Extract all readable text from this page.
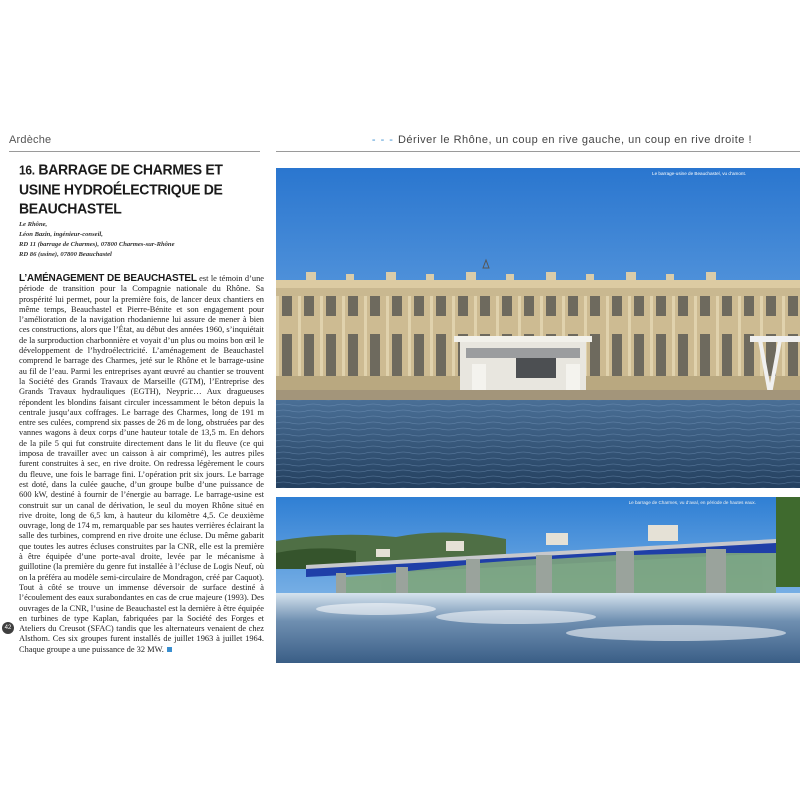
Ardèche	- - - Dériver le Rhône, un coup en rive gauche, un coup en rive droite !
16. BARRAGE DE CHARMES ET USINE HYDROÉLECTRIQUE DE BEAUCHASTEL
Le Rhône,
Léon Bazin, ingénieur-conseil,
RD 11 (barrage de Charmes), 07800 Charmes-sur-Rhône
RD 86 (usine), 07800 Beauchastel
L’AMÉNAGEMENT DE BEAUCHASTEL est le témoin d’une période de transition pour la Compagnie nationale du Rhône. Sa prospérité lui permet, pour la première fois, de lancer deux chantiers en même temps, Beauchastel et Pierre-Bénite et son engagement pour l’amélioration de la navigation rhodanienne lui assure de mener à bien ces constructions, alors que l’État, au début des années 1960, s’inquiétait de la surproduction charbonnière et voyait d’un plus ou moins bon œil le développement de l’hydroélectricité. L’aménagement de Beauchastel comprend le barrage des Charmes, jeté sur le Rhône et le barrage-usine au fil de l’eau. Parmi les entreprises ayant œuvré au chantier se trouvent la Société des Grands Travaux de Marseille (GTM), l’Entreprise des Grands Travaux hydrauliques (EGTH), Neypric… Aux dragueuses répondent les blondins faisant circuler incessamment le béton depuis la centrale jusqu’aux coffrages. Le barrage des Charmes, long de 191 m entre ses culées, comprend six passes de 26 m de long, obstruées par des vannes wagons à deux corps d’une hauteur totale de 13,5 m. En dehors de la pile 5 qui fut construite directement dans le lit du fleuve (ce qui imposa de travailler avec un caisson à air comprimé), les autres piles furent construites à sec, en rive droite. On redressa légèrement le cours du fleuve, une fois le barrage fini. L’opération prit six jours. Le barrage est doté, dans la culée gauche, d’un groupe bulbe d’une puissance de 600 kW, destiné à fournir de l’énergie au barrage. Le barrage-usine est construit sur un canal de dérivation, le seul du moyen Rhône situé en rive droite, long de 6,5 km, à hauteur du kilomètre 4,5. Ce deuxième ouvrage, long de 174 m, remarquable par ses hautes verrières éclairant la salle des turbines, comprend en rive droite une écluse. Du même gabarit que toutes les autres écluses construites par la CNR, elle est la première à être équipée d’une porte-aval droite, levée par le mécanisme à guillotine (la première du genre fut installée à l’écluse de Logis Neuf, où on la préféra au modèle semi-circulaire de Mondragon, créé par Caquot). Tout à côté se trouve un immense déversoir de surface destiné à l’écoulement des eaux surabondantes en cas de crue majeure (1993). Des ouvrages de la CNR, l’usine de Beauchastel est la dernière à être équipée en turbines de type Kaplan, fabriquées par la Société des Forges et Ateliers du Creusot (SFAC) tandis que les alternateurs venaient de chez Alsthom. Ces six groupes furent installés de juillet 1963 à juillet 1964. Chaque groupe a une puissance de 32 MW.
42
Le barrage-usine de Beauchastel, vu d’amont.
Le barrage de Charmes, vu d’aval, en période de hautes eaux.
